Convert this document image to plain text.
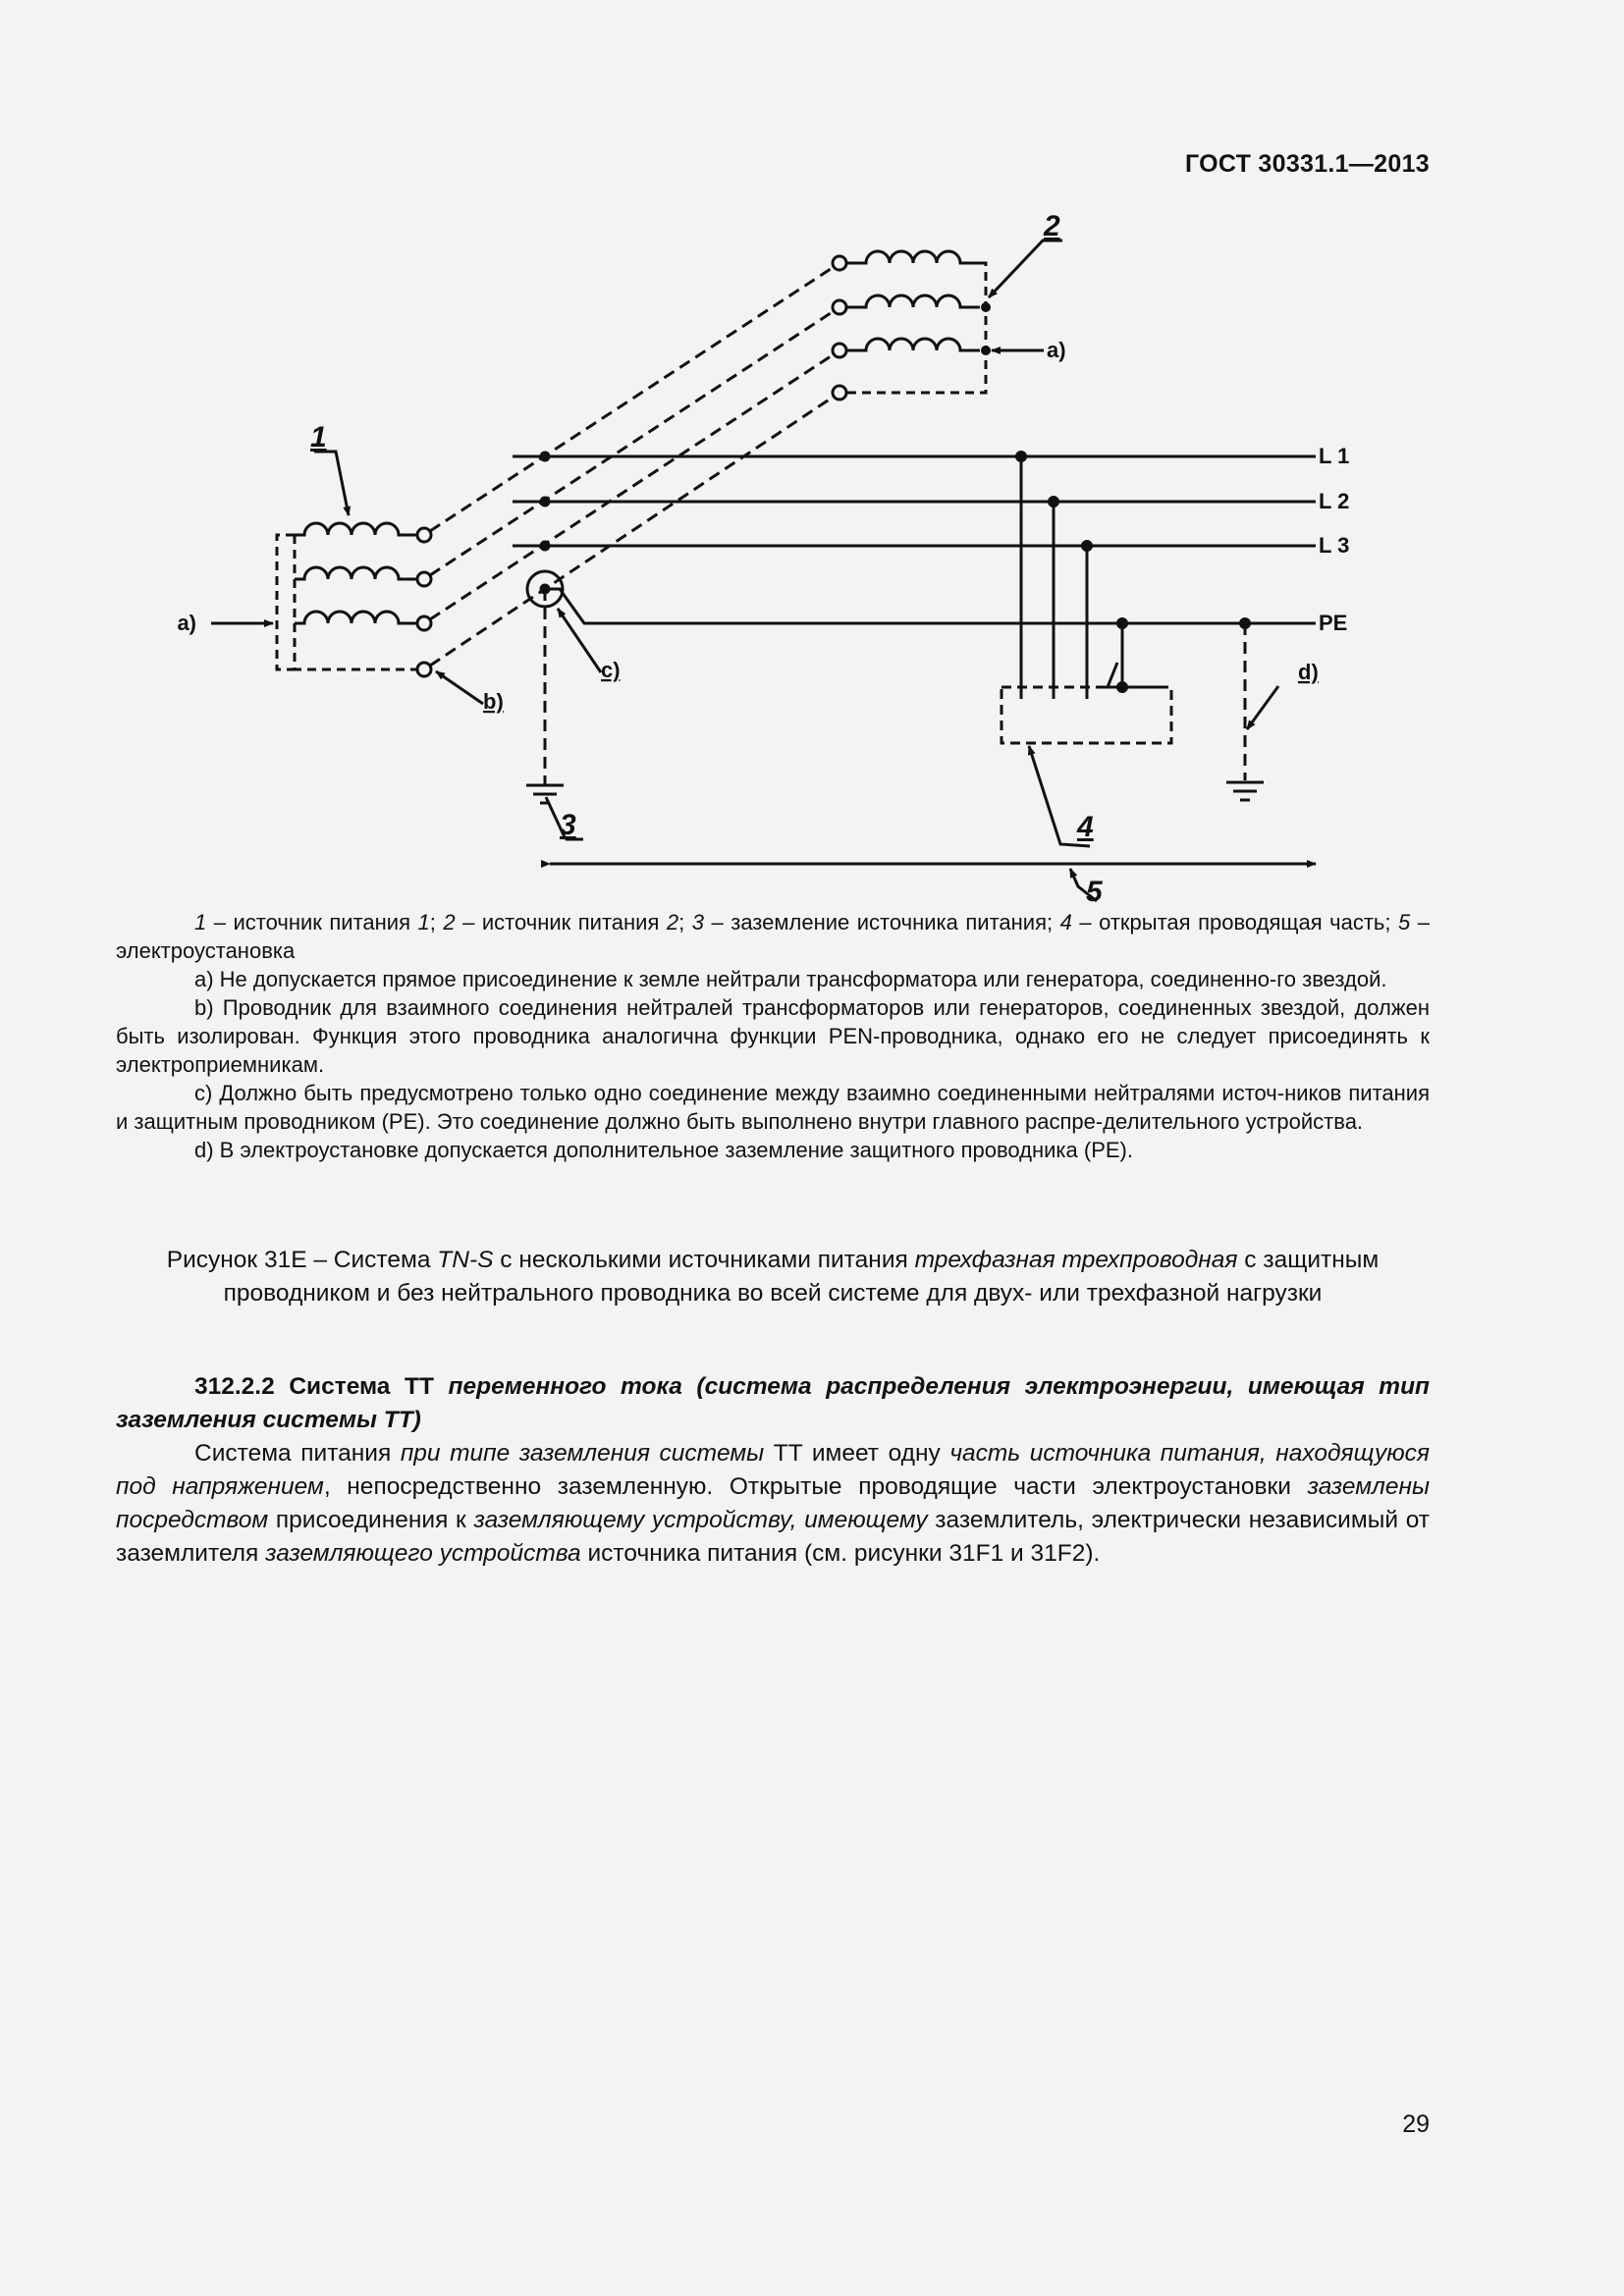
ГОСТ 30331.1—2013
1
2
3	4
5
a)
a)
b)
c)	d)
L 1
L 2
L 3
PE

1 – источник питания 1; 2 – источник питания 2; 3 – заземление источника питания; 4 – открытая проводящая часть; 5 – электроустановка

a) Не допускается прямое присоединение к земле нейтрали трансформатора или генератора, соединенно-го звездой.

b) Проводник для взаимного соединения нейтралей трансформаторов или генераторов, соединенных звездой, должен быть изолирован. Функция этого проводника аналогична функции PEN-проводника, однако его не следует присоединять к электроприемникам.

c) Должно быть предусмотрено только одно соединение между взаимно соединенными нейтралями источ-ников питания и защитным проводником (PE). Это соединение должно быть выполнено внутри главного распре-делительного устройства.

d) В электроустановке допускается дополнительное заземление защитного проводника (PE).

Рисунок 31E – Система TN-S с несколькими источниками питания трехфазная трехпроводная с защитным проводником и без нейтрального проводника во всей системе для двух- или трехфазной нагрузки

312.2.2 Система TT переменного тока (система распределения электроэнергии, имеющая тип заземления системы TT)

Система питания при типе заземления системы TT имеет одну часть источника питания, находящуюся под напряжением, непосредственно заземленную. Открытые проводящие части электроустановки заземлены посредством присоединения к заземляющему устройству, имеющему заземлитель, электрически независимый от заземлителя заземляющего устройства источника питания (см. рисунки 31F1 и 31F2).

29
